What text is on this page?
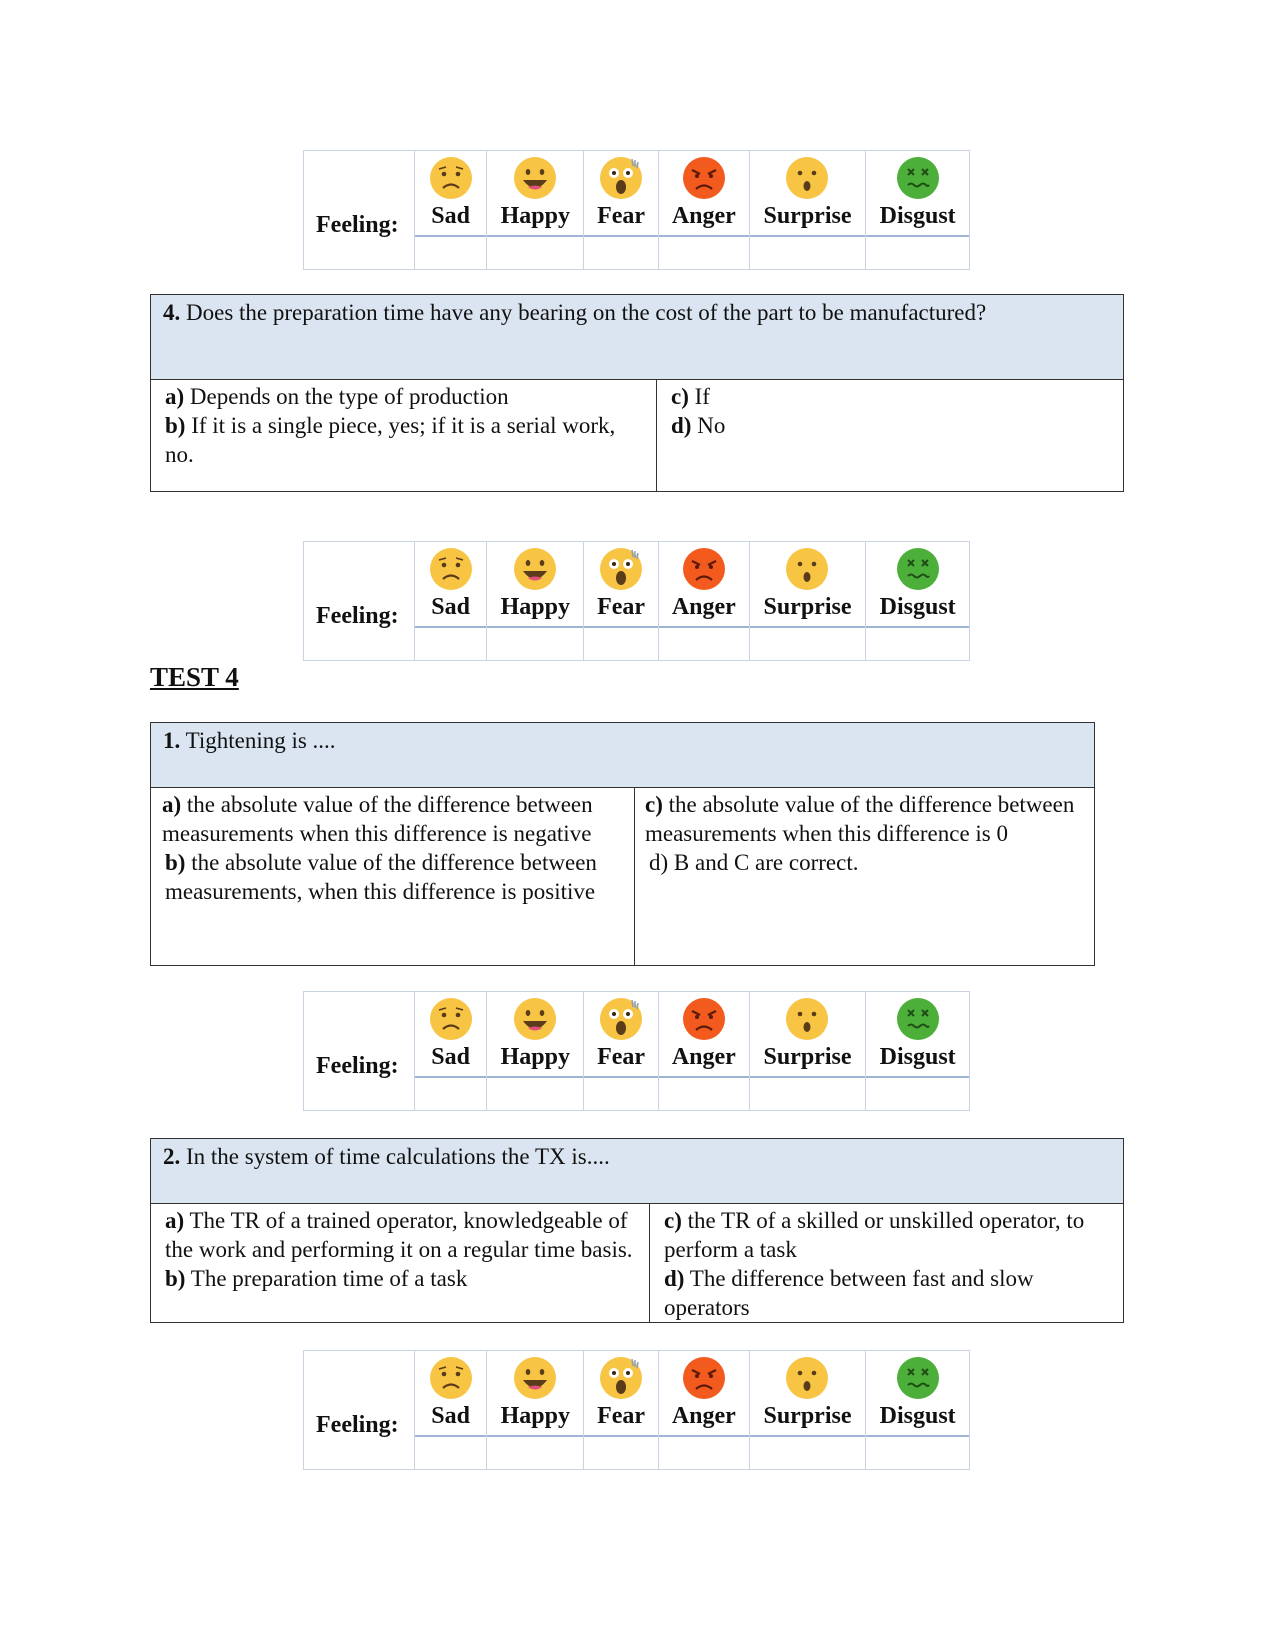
Feeling:	Sad Happy Fear Anger Surprise Disgust
4. Does the preparation time have any bearing on the cost of the part to be manufactured?
a) Depends on the type of production
b) If it is a single piece, yes; if it is a serial work, no.
c) If
d) No
Feeling:	Sad Happy Fear Anger Surprise Disgust
TEST 4
1. Tightening is ....
a) the absolute value of the difference between measurements when this difference is negative
b) the absolute value of the difference between measurements, when this difference is positive
c) the absolute value of the difference between measurements when this difference is 0
d) B and C are correct.
Feeling:	Sad Happy Fear Anger Surprise Disgust
2. In the system of time calculations the TX is....
a) The TR of a trained operator, knowledgeable of the work and performing it on a regular time basis.
b) The preparation time of a task
c) the TR of a skilled or unskilled operator, to perform a task
d) The difference between fast and slow operators
Feeling:	Sad Happy Fear Anger Surprise Disgust
